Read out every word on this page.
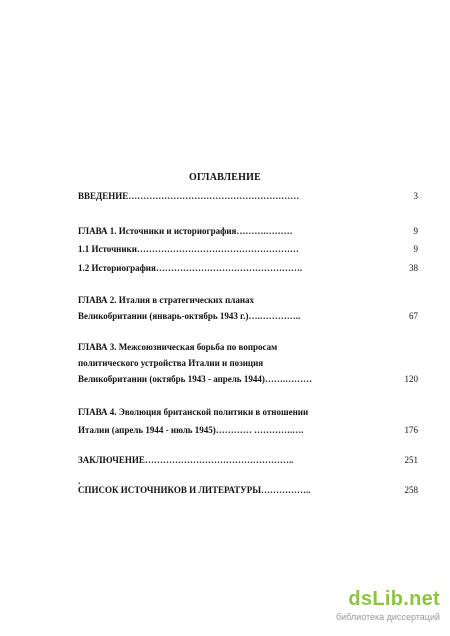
ОГЛАВЛЕНИЕ
ВВЕДЕНИЕ…………………………………………………	3
ГЛАВА 1. Источники и историография……….………	9
1.1 Источники………………………………………………	9
1.2 Историография………………………………………….	38
ГЛАВА 2. Италия в стратегических планах
Великобритании (январь-октябрь 1943 г.)….…………..	67
ГЛАВА 3. Межсоюзническая борьба по вопросам
политического устройства Италии и позиция
Великобритании (октябрь 1943 - апрель 1944)…….………	120
ГЛАВА 4. Эволюция британской политики в отношении
Италии (апрель 1944 - июль 1945)………… ………….….	176
ЗАКЛЮЧЕНИЕ…………………………………………..	251
СПИСОК ИСТОЧНИКОВ И ЛИТЕРАТУРЫ……………..	258
.
dsLib.net
библиотека диссертаций
